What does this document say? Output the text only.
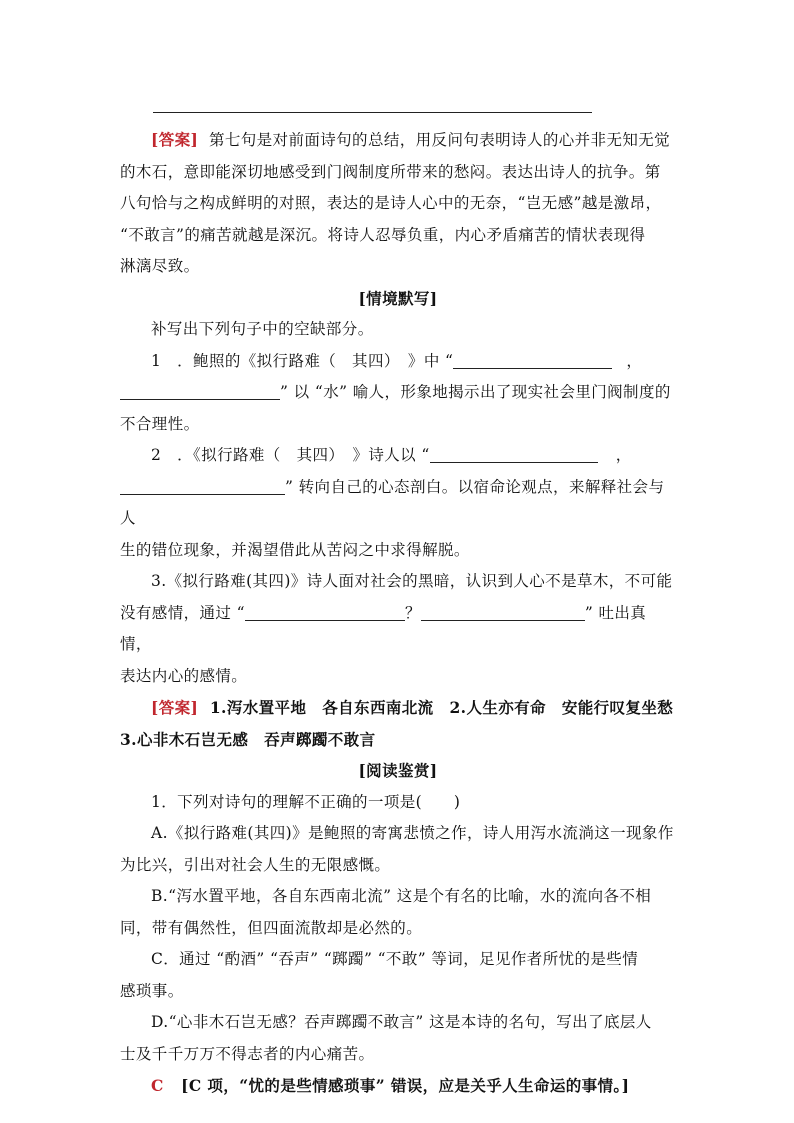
[答案] 第七句是对前面诗句的总结，用反问句表明诗人的心并非无知无觉

的木石，意即能深切地感受到门阀制度所带来的愁闷。表达出诗人的抗争。第

八句恰与之构成鲜明的对照，表达的是诗人心中的无奈，“岂无感”越是激昂，

“不敢言”的痛苦就越是深沉。将诗人忍辱负重，内心矛盾痛苦的情状表现得

淋漓尽致。

[情境默写]

补写出下列句子中的空缺部分。

1　．鲍照的《拟行路难（　其四）　》中 “	，

” 以 “水” 喻人，形象地揭示出了现实社会里门阀制度的

不合理性。

2　．《拟行路难（　其四）　》诗人以 “	，

” 转向自己的心态剖白。以宿命论观点，来解释社会与人

生的错位现象，并渴望借此从苦闷之中求得解脱。

3.《拟行路难(其四)》诗人面对社会的黑暗，认识到人心不是草木，不可能

没有感情，通过 “	？	” 吐出真情，

表达内心的感情。

[答案] 1.泻水置平地　各自东西南北流　2.人生亦有命　安能行叹复坐愁

3.心非木石岂无感　吞声踯躅不敢言

[阅读鉴赏]

1．下列对诗句的理解不正确的一项是(　　)

A.《拟行路难(其四)》是鲍照的寄寓悲愤之作，诗人用泻水流淌这一现象作

为比兴，引出对社会人生的无限感慨。

B.“泻水置平地，各自东西南北流” 这是个有名的比喻，水的流向各不相

同，带有偶然性，但四面流散却是必然的。

C．通过 “酌酒” “吞声” “踯躅” “不敢” 等词，足见作者所忧的是些情

感琐事。

D.“心非木石岂无感？吞声踯躅不敢言” 这是本诗的名句，写出了底层人

士及千千万万不得志者的内心痛苦。

C [C 项，“忧的是些情感琐事” 错误，应是关乎人生命运的事情。]
